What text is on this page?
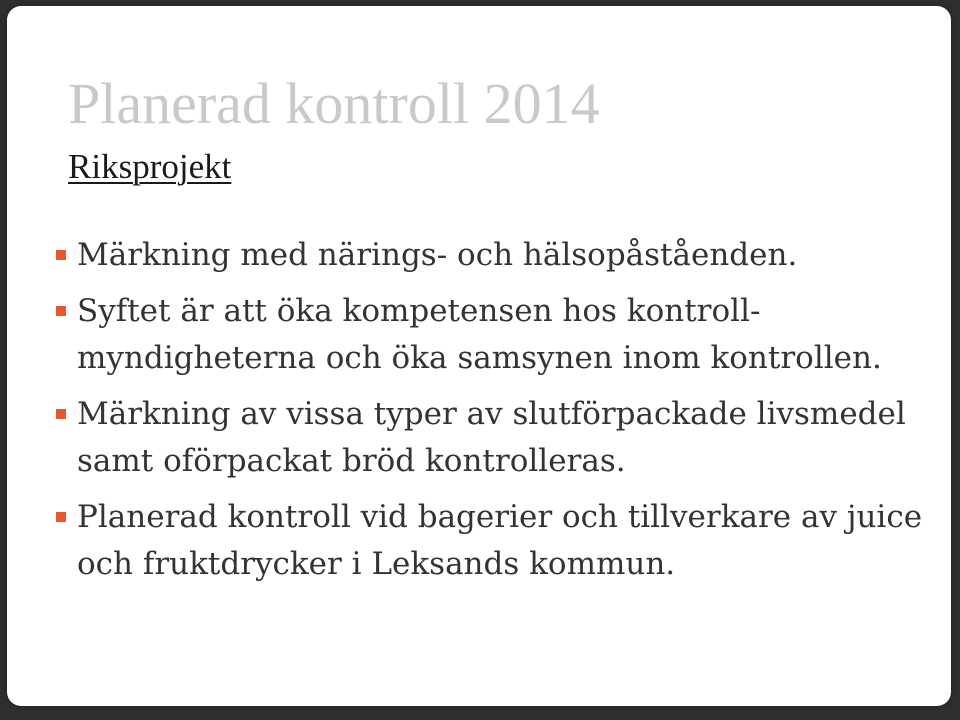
Planerad kontroll 2014
Riksprojekt
Märkning med närings- och hälsopåståenden.
Syftet är att öka kompetensen hos kontroll-myndigheterna och öka samsynen inom kontrollen.
Märkning av vissa typer av slutförpackade livsmedel samt oförpackat bröd kontrolleras.
Planerad kontroll vid bagerier och tillverkare av juice och fruktdrycker i Leksands kommun.
